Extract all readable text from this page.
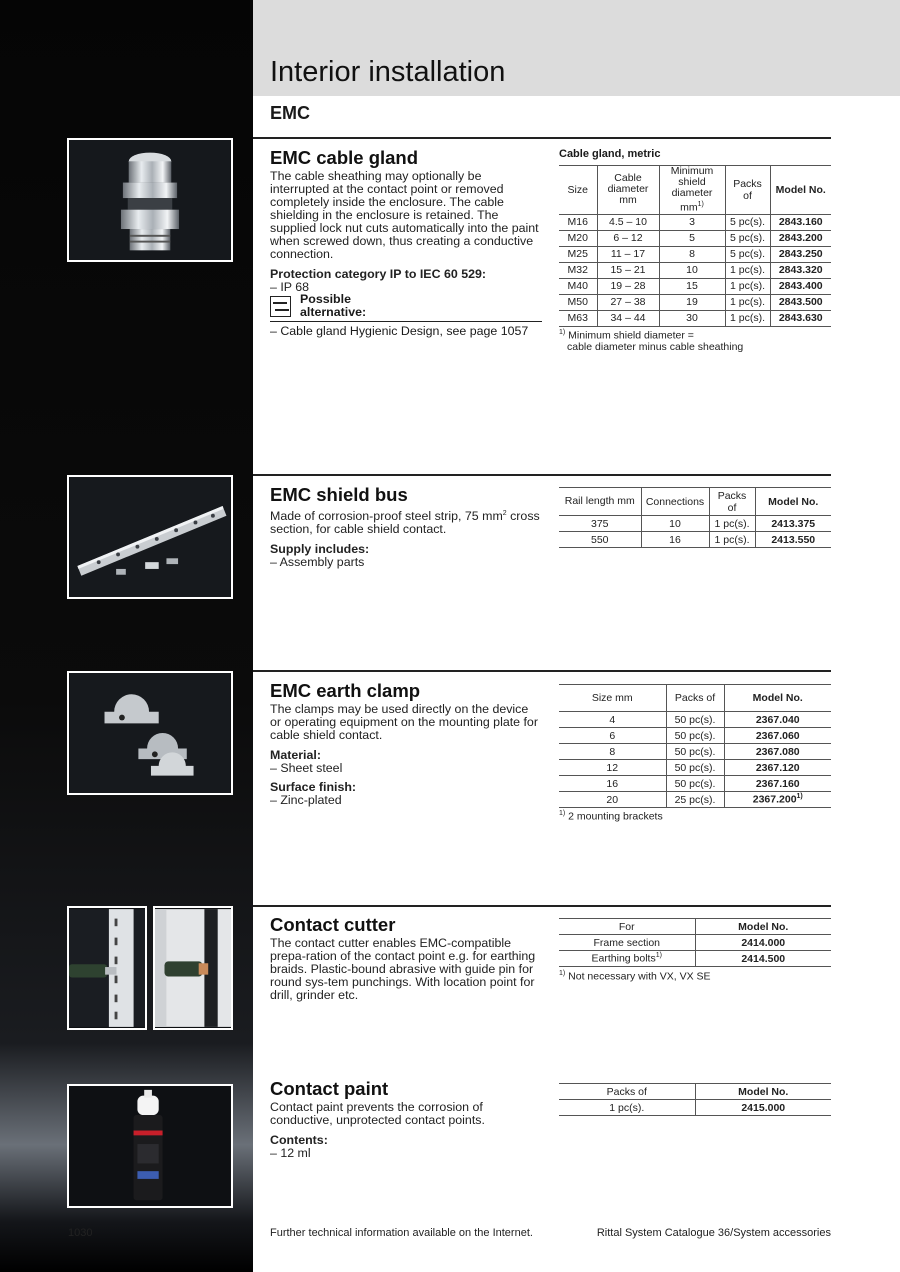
Interior installation
EMC
EMC cable gland

The cable sheathing may optionally be interrupted at the contact point or removed completely inside the enclosure. The cable shielding in the enclosure is retained. The supplied lock nut cuts automatically into the paint when screwed down, thus creating a conductive connection.

Protection category IP to IEC 60 529:

– IP 68

Possible alternative:
– Cable gland Hygienic Design, see page 1057
Cable gland, metric
Size	Cable diameter mm	Minimum shield diameter $mm^{1)}$	Packs of	Model No.
M16	4.5 – 10	3	5 pc(s).	2843.160
M20	6 – 12	5	5 pc(s).	2843.200
M25	11 – 17	8	5 pc(s).	2843.250
M32	15 – 21	10	1 pc(s).	2843.320
M40	19 – 28	15	1 pc(s).	2843.400
M50	27 – 38	19	1 pc(s).	2843.500
M63	34 – 44	30	1 pc(s).	2843.630

$^{1)}$ Minimum shield diameter =

cable diameter minus cable sheathing

EMC shield bus

Made of corrosion-proof steel strip, 75 $mm^2$ cross section, for cable shield contact.

Supply includes:

– Assembly parts

Rail length mm	Connections	Packs of	Model No.
375	10	1 pc(s).	2413.375
550	16	1 pc(s).	2413.550
EMC earth clamp

The clamps may be used directly on the device or operating equipment on the mounting plate for cable shield contact.

Material:

– Sheet steel

Surface finish:

– Zinc-plated

Size mm	Packs of	Model No.
4	50 pc(s).	2367.040
6	50 pc(s).	2367.060
8	50 pc(s).	2367.080
12	50 pc(s).	2367.120
16	50 pc(s).	2367.160
20	25 pc(s).	2367.200$^{1)}$
$^{1)}$ 2 mounting brackets
Contact cutter

The contact cutter enables EMC-compatible prepa-ration of the contact point e.g. for earthing braids. Plastic-bound abrasive with guide pin for round sys-tem punchings. With location point for drill, grinder etc.

For	Model No.
Frame section	2414.000
Earthing bolts$^{1)}$	2414.500
$^{1)}$ Not necessary with VX, VX SE
Contact paint

Contact paint prevents the corrosion of conductive, unprotected contact points.

Contents:

– 12 ml

Packs of	Model No.
1 pc(s).	2415.000
1030	Further technical information available on the Internet.	Rittal System Catalogue 36/System accessories
